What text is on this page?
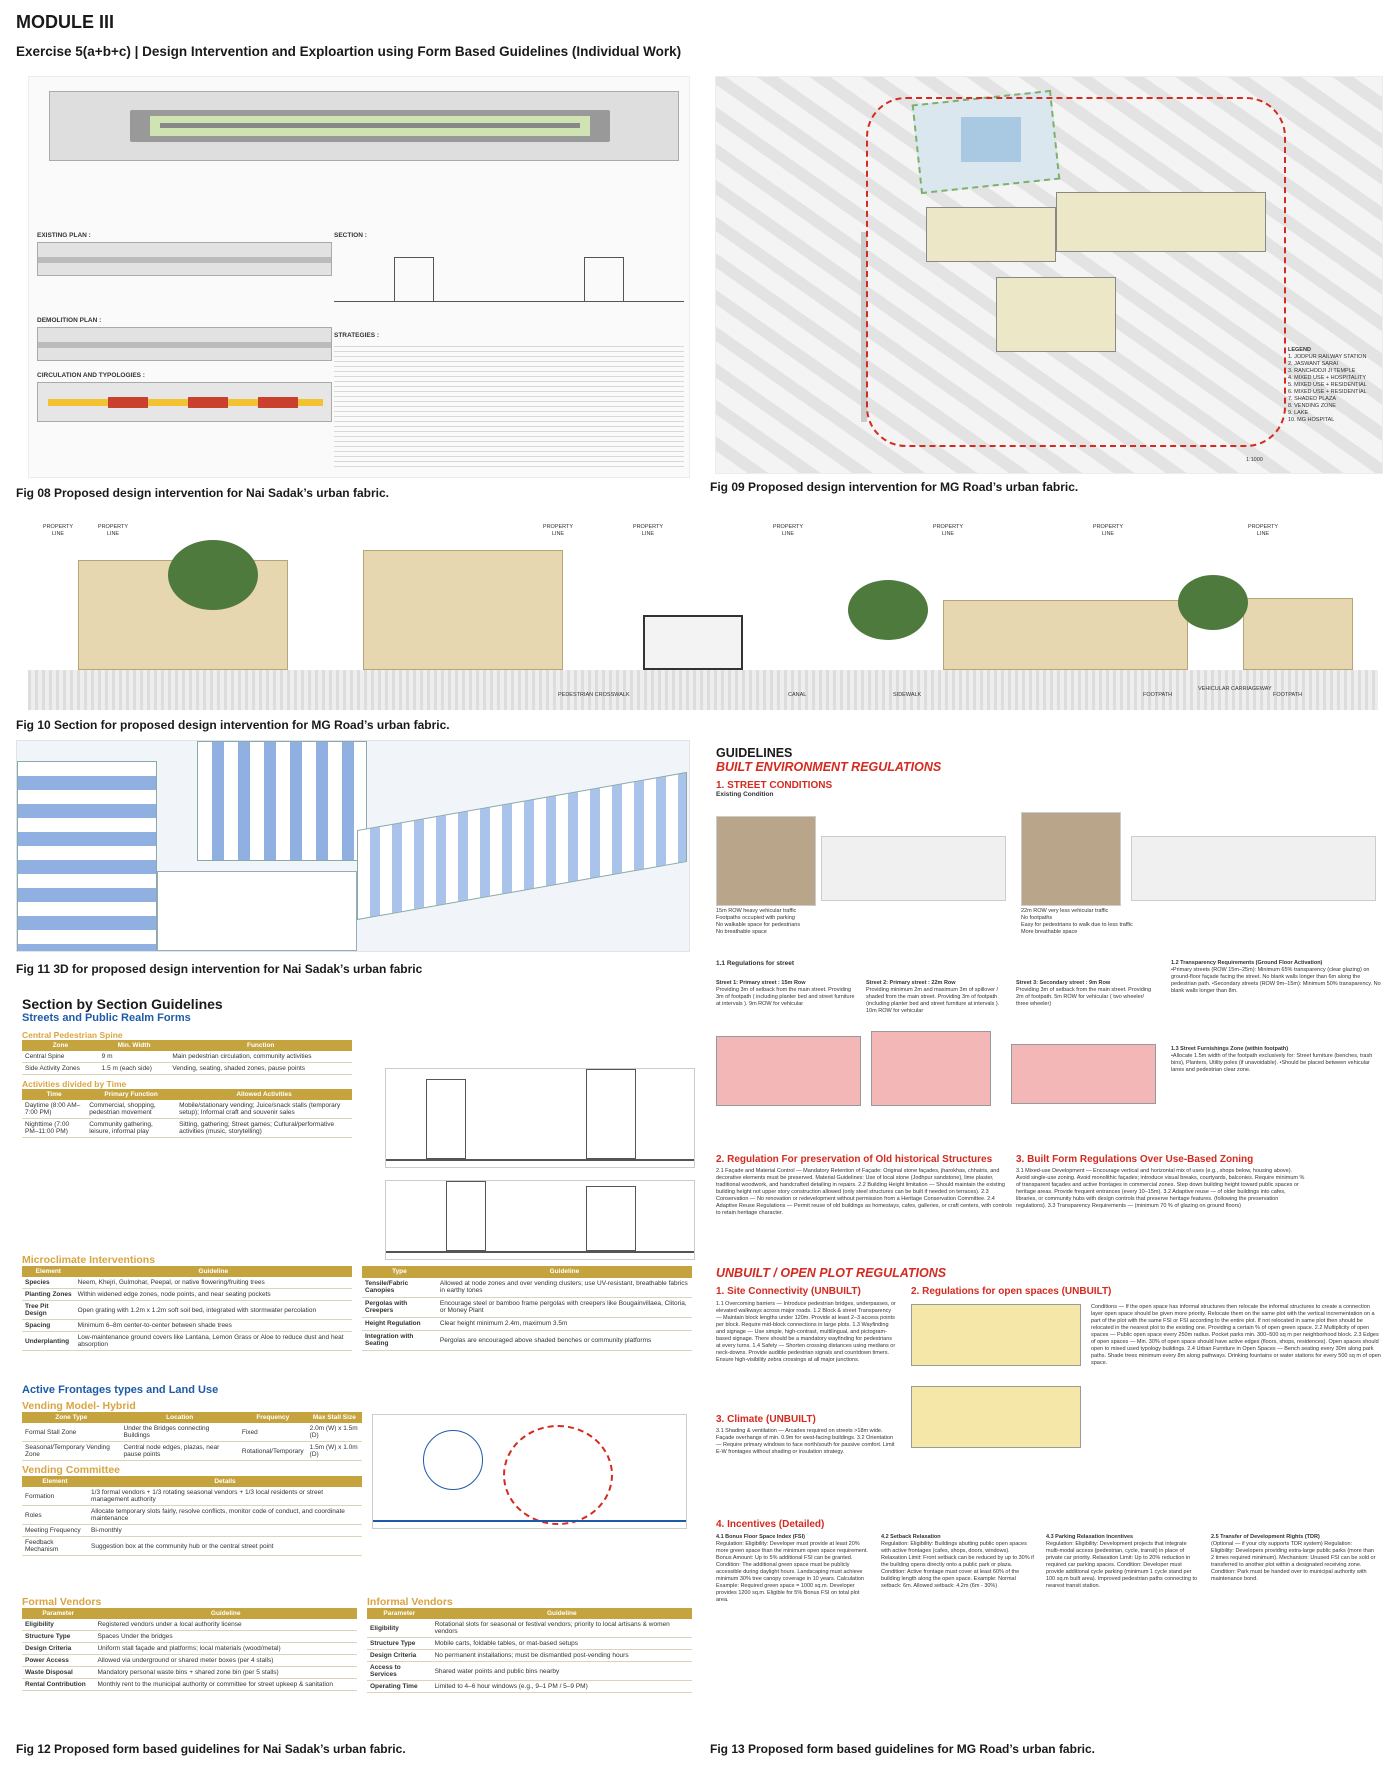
MODULE III
Exercise 5(a+b+c) | Design Intervention and Exploartion using Form Based Guidelines (Individual Work)
EXISTING PLAN :
DEMOLITION PLAN :
CIRCULATION AND TYPOLOGIES :
SECTION :
STRATEGIES :
Fig 08 Proposed design intervention for Nai Sadak’s urban fabric.
LEGEND
1. JODPUR RAILWAY STATION
2. JASWANT SARAI
3. RANCHODJI JI TEMPLE
4. MIXED USE + HOSPITALITY
5. MIXED USE + RESIDENTIAL
6. MIXED USE + RESIDENTIAL
7. SHADED PLAZA
8. VENDING ZONE
9. LAKE
10. MG HOSPITAL
1:1000
Fig 09 Proposed design intervention for MG Road’s urban fabric.
PROPERTY LINE
PROPERTY LINE
PROPERTY LINE
PROPERTY LINE
PROPERTY LINE
PROPERTY LINE
PROPERTY LINE
PROPERTY LINE
PEDESTRIAN CROSSWALK	CANAL	SIDEWALK	FOOTPATH
VEHICULAR CARRIAGEWAY
FOOTPATH
Fig 10 Section for proposed design intervention for MG Road’s urban fabric.
Fig 11 3D for proposed design intervention for Nai Sadak’s urban fabric
Section by Section Guidelines
Streets and Public Realm Forms
Central Pedestrian Spine
Zone	Min. Width	Function
Central Spine	9 m	Main pedestrian circulation, community activities
Side Activity Zones	1.5 m (each side)	Vending, seating, shaded zones, pause points
Activities divided by Time
Time	Primary Function	Allowed Activities
Daytime (8:00 AM–7:00 PM)	Commercial, shopping, pedestrian movement	Mobile/stationary vending; Juice/snack stalls (temporary setup); Informal craft and souvenir sales
Nighttime (7:00 PM–11:00 PM)	Community gathering, leisure, informal play	Sitting, gathering; Street games; Cultural/performative activities (music, storytelling)
Microclimate Interventions
Element	Guideline
Species	Neem, Khejri, Gulmohar, Peepal, or native flowering/fruiting trees
Planting Zones	Within widened edge zones, node points, and near seating pockets
Tree Pit Design	Open grating with 1.2m x 1.2m soft soil bed, integrated with stormwater percolation
Spacing	Minimum 6–8m center-to-center between shade trees
Underplanting	Low-maintenance ground covers like Lantana, Lemon Grass or Aloe to reduce dust and heat absorption
Type	Guideline
Tensile/Fabric Canopies	Allowed at node zones and over vending clusters; use UV-resistant, breathable fabrics in earthy tones
Pergolas with Creepers	Encourage steel or bamboo frame pergolas with creepers like Bougainvillaea, Clitoria, or Money Plant
Height Regulation	Clear height minimum 2.4m, maximum 3.5m
Integration with Seating	Pergolas are encouraged above shaded benches or community platforms
Active Frontages types and Land Use
Vending Model- Hybrid
Zone Type	Location	Frequency	Max Stall Size
Formal Stall Zone	Under the Bridges connecting Buildings	Fixed	2.0m (W) x 1.5m (D)
Seasonal/Temporary Vending Zone	Central node edges, plazas, near pause points	Rotational/Temporary	1.5m (W) x 1.0m (D)
Vending Committee
Element	Details
Formation	1/3 formal vendors + 1/3 rotating seasonal vendors + 1/3 local residents or street management authority
Roles	Allocate temporary slots fairly, resolve conflicts, monitor code of conduct, and coordinate maintenance
Meeting Frequency	Bi-monthly
Feedback Mechanism	Suggestion box at the community hub or the central street point
Formal Vendors
Parameter	Guideline
Eligibility	Registered vendors under a local authority license
Structure Type	Spaces Under the bridges
Design Criteria	Uniform stall façade and platforms; local materials (wood/metal)
Power Access	Allowed via underground or shared meter boxes (per 4 stalls)
Waste Disposal	Mandatory personal waste bins + shared zone bin (per 5 stalls)
Rental Contribution	Monthly rent to the municipal authority or committee for street upkeep & sanitation
Informal Vendors
Parameter	Guideline
Eligibility	Rotational slots for seasonal or festival vendors; priority to local artisans & women vendors
Structure Type	Mobile carts, foldable tables, or mat-based setups
Design Criteria	No permanent installations; must be dismantled post-vending hours
Access to Services	Shared water points and public bins nearby
Operating Time	Limited to 4–6 hour windows (e.g., 9–1 PM / 5–9 PM)
Fig 12 Proposed form based guidelines for Nai Sadak’s urban fabric.
GUIDELINES
BUILT ENVIRONMENT REGULATIONS
1. STREET CONDITIONS
Existing Condition
15m ROW heavy vehicular traffic
Footpaths occupied with parking
No walkable space for pedestrians
No breathable space
22m ROW very less vehicular traffic
No footpaths
Easy for pedestrians to walk due to less traffic
More breathable space
1.1 Regulations for street
Street 1: Primary street : 15m Row
Providing 3m of setback from the main street. Providing 3m of footpath ( including planter bed and street furniture at intervals ). 9m ROW for vehicular
Street 2: Primary street : 22m Row
Providing minimum 2m and maximum 3m of spillover / shaded from the main street. Providing 3m of footpath (including planter bed and street furniture at intervals ). 10m ROW for vehicular
Street 3: Secondary street : 9m Row
Providing 3m of setback from the main street. Providing 2m of footpath. 5m ROW for vehicular ( two wheeler/ three wheeler)
1.2 Transparency Requirements (Ground Floor Activation)
•Primary streets (ROW 15m–25m): Minimum 65% transparency (clear glazing) on ground-floor façade facing the street. No blank walls longer than 6m along the pedestrian path. •Secondary streets (ROW 9m–15m): Minimum 50% transparency. No blank walls longer than 8m.
1.3 Street Furnishings Zone (within footpath)
•Allocate 1.5m width of the footpath exclusively for: Street furniture (benches, trash bins), Planters, Utility poles (if unavoidable). •Should be placed between vehicular lanes and pedestrian clear zone.
2. Regulation For preservation of Old historical Structures
2.1 Façade and Material Control — Mandatory Retention of Façade: Original stone façades, jharokhas, chhatris, and decorative elements must be preserved. Material Guidelines: Use of local stone (Jodhpur sandstone), lime plaster, traditional woodwork, and handcrafted detailing in repairs. 2.2 Building Height limitation — Should maintain the existing building height not upper story construction allowed (only steel structures can be built if needed on terraces). 2.3 Conservation — No renovation or redevelopment without permission from a Heritage Conservation Committee. 2.4 Adaptive Reuse Regulations — Permit reuse of old buildings as homestays, cafes, galleries, or craft centers, with controls to retain heritage character.
3. Built Form Regulations Over Use-Based Zoning
3.1 Mixed-use Development — Encourage vertical and horizontal mix of uses (e.g., shops below, housing above). Avoid single-use zoning. Avoid monolithic façades; introduce visual breaks, courtyards, balconies. Require minimum % of transparent façades and active frontages in commercial zones. Step down building height toward public spaces or heritage areas. Provide frequent entrances (every 10–15m). 3.2 Adaptive reuse — of older buildings into cafes, libraries, or community hubs with design controls that preserve heritage features. (following the preservation regulations). 3.3 Transparency Requirements — (minimum 70 % of glazing on ground floors)
UNBUILT / OPEN PLOT REGULATIONS
1. Site Connectivity (UNBUILT)
1.1 Overcoming barriers — Introduce pedestrian bridges, underpasses, or elevated walkways across major roads. 1.2 Block & street Transparency — Maintain block lengths under 120m. Provide at least 2–3 access points per block. Require mid-block connections in large plots. 1.3 Wayfinding and signage — Use simple, high-contrast, multilingual, and pictogram-based signage. There should be a mandatory wayfinding for pedestrians at every turns. 1.4 Safety — Shorten crossing distances using medians or neck-downs. Provide audible pedestrian signals and countdown timers. Ensure high-visibility zebra crossings at all major junctions.
2. Regulations for open spaces (UNBUILT)
Conditions — If the open space has informal structures then relocate the informal structures to create a connection layer open space should be given more priority. Relocate them on the same plot with the vertical incrementation on a part of the plot with the same FSI or FSI according to the entire plot. If not relocated in same plot then should be relocated in the nearest plot to the existing one. Providing a certain % of open green space. 2.2 Multiplicity of open spaces — Public open space every 250m radius. Pocket parks min. 300–500 sq m per neighborhood block. 2.3 Edges of open spaces — Min. 30% of open space should have active edges (floors, shops, residences). Open spaces should open to mixed used typology buildings. 2.4 Urban Furniture in Open Spaces — Bench seating every 30m along park paths. Shade trees minimum every 8m along pathways. Drinking fountains or water stations for every 500 sq m of open space.
3. Climate (UNBUILT)
3.1 Shading & ventilation — Arcades required on streets >18m wide. Façade overhangs of min. 0.9m for west-facing buildings. 3.2 Orientation — Require primary windows to face north/south for passive comfort. Limit E-W frontages without shading or insulation strategy.
4. Incentives (Detailed)
4.1 Bonus Floor Space Index (FSI)
Regulation: Eligibility: Developer must provide at least 20% more green space than the minimum open space requirement. Bonus Amount: Up to 5% additional FSI can be granted. Condition: The additional green space must be publicly accessible during daylight hours. Landscaping must achieve minimum 30% tree canopy coverage in 10 years. Calculation Example: Required green space = 1000 sq.m. Developer provides 1200 sq.m. Eligible for 5% Bonus FSI on total plot area.
4.2 Setback Relaxation
Regulation: Eligibility: Buildings abutting public open spaces with active frontages (cafes, shops, doors, windows). Relaxation Limit: Front setback can be reduced by up to 30% if the building opens directly onto a public park or plaza. Condition: Active frontage must cover at least 60% of the building length along the open space. Example: Normal setback: 6m. Allowed setback: 4.2m (6m - 30%)
4.3 Parking Relaxation Incentives
Regulation: Eligibility: Development projects that integrate multi-modal access (pedestrian, cycle, transit) in place of private car priority. Relaxation Limit: Up to 20% reduction in required car parking spaces. Condition: Developer must provide additional cycle parking (minimum 1 cycle stand per 100 sq.m built area). Improved pedestrian paths connecting to nearest transit station.
2.5 Transfer of Development Rights (TDR)
(Optional — if your city supports TDR system) Regulation: Eligibility: Developers providing extra-large public parks (more than 2 times required minimum). Mechanism: Unused FSI can be sold or transferred to another plot within a designated receiving zone. Condition: Park must be handed over to municipal authority with maintenance bond.
Fig 13 Proposed form based guidelines for MG Road’s urban fabric.
